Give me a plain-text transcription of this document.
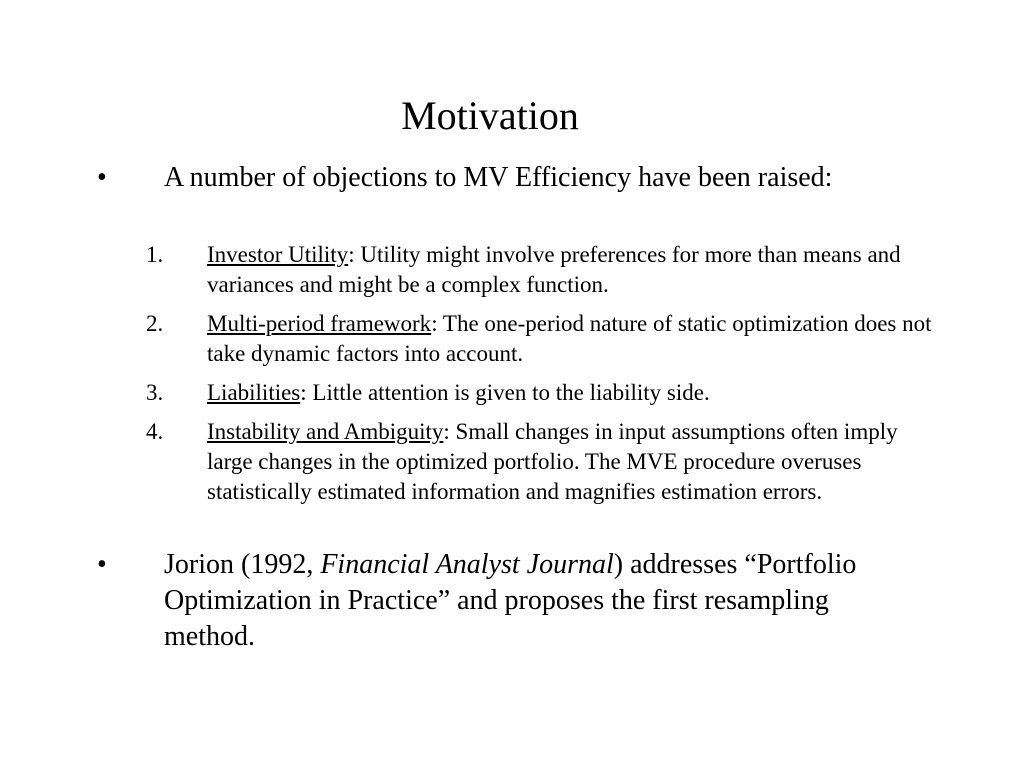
Motivation
• A number of objections to MV Efficiency have been raised:
1. Investor Utility: Utility might involve preferences for more than means and variances and might be a complex function.
2. Multi-period framework: The one-period nature of static optimization does not take dynamic factors into account.
3. Liabilities: Little attention is given to the liability side.
4. Instability and Ambiguity: Small changes in input assumptions often imply large changes in the optimized portfolio. The MVE procedure overuses statistically estimated information and magnifies estimation errors.
• Jorion (1992, Financial Analyst Journal) addresses “Portfolio Optimization in Practice” and proposes the first resampling method.
